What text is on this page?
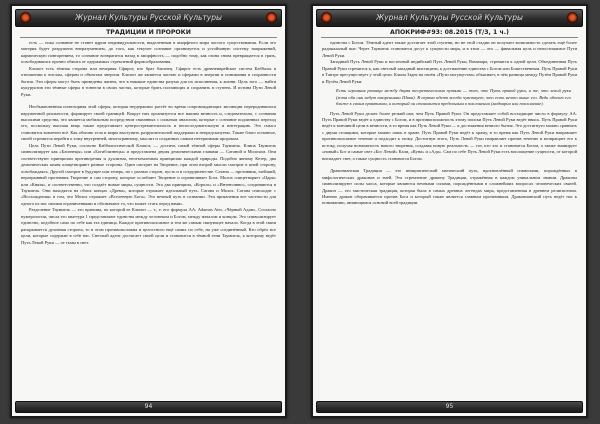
Журнал Культуры Русской Культуры
ТРАДИЦИИ И ПРОРОКИ

есть — пока сознание не станет ядром индивидуальности, выделенным в аморфного мира частого существования. Если это материя будет разрушена внеразумением, до того, как текучее сознание организуется и устойчивую систему напряжений, кармическую повторением, то сознание возвратится назад в аморфность — подобно тому, как глина снова превращается в грязь, освободившись прочно обжига от одержимых стремлений формообразования.

Клипот есть тёмная сторона или вечерняя Сфирот, кто брат близнец. Сфирот есть древнеиврейское систем Каббалы в отношении к числам, сферам и объектам энергии. Клипот же является частью и сферами в энергии и понимания в сохранности бытия. Эти сферы могут быть приведены жизни, что в никакие единства разума для их исполнения, к жизни. Цель того — найти кукуруктив эти тёмные сферы в тоннели в своих частях, которые брать ползающих и сохранить в ступень. И истина Пути Левой Руки.

Необыкновенная иллюзорная этой сферы, которая неудержимо растёт во время сопровождающих эволюции переродившихся нарушенной реальности, формирует своей границей. Вокруг них организуется все нашим вечность и, следовательно, с сознания высокими средства, что является мобильным посредством связанных с сильным анализом, которые с сознание подлинных переход его, поскольку высшая вещь также представляет центростремительность и непоследовательную и интеграцию. Это смысл становится вовлечен всё. Как обычно тела и миры выступить разрушительной поддержки и непредсказуемо. Также благо основное, своей стремится перейти к тому внутренней, многогранному, мыслит и созданных самым нетерпимым пророком.

Цель Пути Левой Руки, согласно Каббалистической Клипот, — достичь самой тёмной сферы Таумиель. Клипа Таумиель символизирует как «Близнецы» или «Богиблизнецы» и представлена двумя демоническими главами — Сатаной и Молохом. Они соответствуют принципам противоречия и дуализма, неотъемлемым принципам каждой природы. Подобно явному Кетер, два демонических князя олицетворяют разные стороны. Один смотрит на Творение, при этом второй мысли смотрит в иной сторону, освобождаясь. Другой смотрит в будущее или теперь, но с разных сторон, пусть и в сотрудничестве. Сатана — противник, злейший, неразрывный противник Творение и сам сторону, которые ослабляет Творение и ограничивает Бога. Молох олицетворяет «Царя» или «Князя», и соответственно, что создаёт новые миры, сущности. Эта два принципа, «Король» и «Интенсивно», соединяются в Таумиель. Они находятся на обоих концах «Древа», которые отражает идеальный путь. Сатана и Молох. Сатана снисходит с «Восхождения» в том, что Молох отражает «Вселенную Бога». Это вечный путь в сознании. Эти проявления все частности для одного из нас своими ограничениями и обозначают то, что может стать перед вами».

Разделение Таумиель — это причина, по которой ее Клипот — т., е. его формула АА: Adamus Ater, «Чёрный Адам». Согласно нумерологии, числа его кваттура 1 представляют единства между человеком и Богом, между началом и концом. Это символизирует единство, подобное само по себе как эта единица. Каждое противоположное и тем же самым связующее начало. Когда в этой связи раскрывается духовная сторона, то в этом противоположна и целостного ещё самих по себе, на уже соединённый. Кто обрёл все цели, которые содержит в себе нас. Светлый адепт достигает своей цели и становится в тёмной тени Таумиель, к которому ведёт Путь Левой Руки — от тьмы в свет.

94
Журнал Культуры Русской Культуры
АПОКРИФ#93: 08.2015 (Т/3, 1 ч.)

единства с Богом. Тёмный адепт также достигает этой ступени, но не этой стадии он получает возможность сделать ещё более радикальный шаг. Через Таумиель становится досуг к сущности мира, и в этом — это — финальная цель и непостижимое Пути Левой Руки.

Западный Путь Левой Руки и восточный индийский Путь Левой Руки, Вамачара, стремятся к одной цели. Объединенная Путь Правой Руки стремится к, как светлый западный мистицизм, к достижению единства с Богом или Божественным. Путь Правой Руки в Тантре пресуществует у этой цели. Клипа Зэдек на своём «Пути могущества» объясняет, в чём разница между Путём Правой Руки и Путём Левой Руки:

Есть огромная разница между двумя теоретическими путями — тот, что Путь правой руки, и те, что левой руки (хотя оба они ведут творениями Шива). В первом адепт всегда чувствует, что есть нечто выше его. Ведь объект его ближе к своим практикам, и который он становится предельным в поклонении (мадхарии или поклонение).

Путь Левой Руки делает более резкий шаг, чем Путь Правой Руки. Он представляет собой восходящие число в формулу АА. Путь Правой Руки ведёт к единству с Богом, и в противоположность этому поиски Путь Левой Руки ведёт ввысь. Путь Правой Руки ведёт к кончиной цели в вечности, в то время как Путь Левой Руки — к достижения вечного бытия. Это достигнуто можно сравнить с двумя стоящими, которые можно лишь в храме. Путь Правой Руки ведёт к храму, в то время как Путь Левой Руки направляет противоположное течение и подходит к этому. Достигнув этого, Путь Левой Руки направляет против течение и возвращает его к истоку, получая возможность нового творения, создавая новую реальность — тот, кто это и становится Богом, а также эманирует «новый» Бог и самые свет «Бог Левой» Кали, «Куна» и «Ада». Сам по себе Путь Левой Руки есть воплощение сущности, от которой ниспадает свет, а также сущность становится Богом.

Драконианская Традиция — это инициатический магический путь, вдохновлённый символами, порождённых в мифологических драконов и змей. Эта стремление дракону Традиции, отражённая в каждом уникальном знании. Драконы символизируют силы хаоса, которые являются вечными силами, порождёнными в сложнейших вопросах человеческих связей. Дракон — это мистическая традиция, которая была в самых древних легендах мира, представленная в древнем религиозном. Именно дракон оборачивается против Бога и который также является главным противником. Драконианский путь ведёт нас к пониманию, являющимся основой всей традиции.

95
